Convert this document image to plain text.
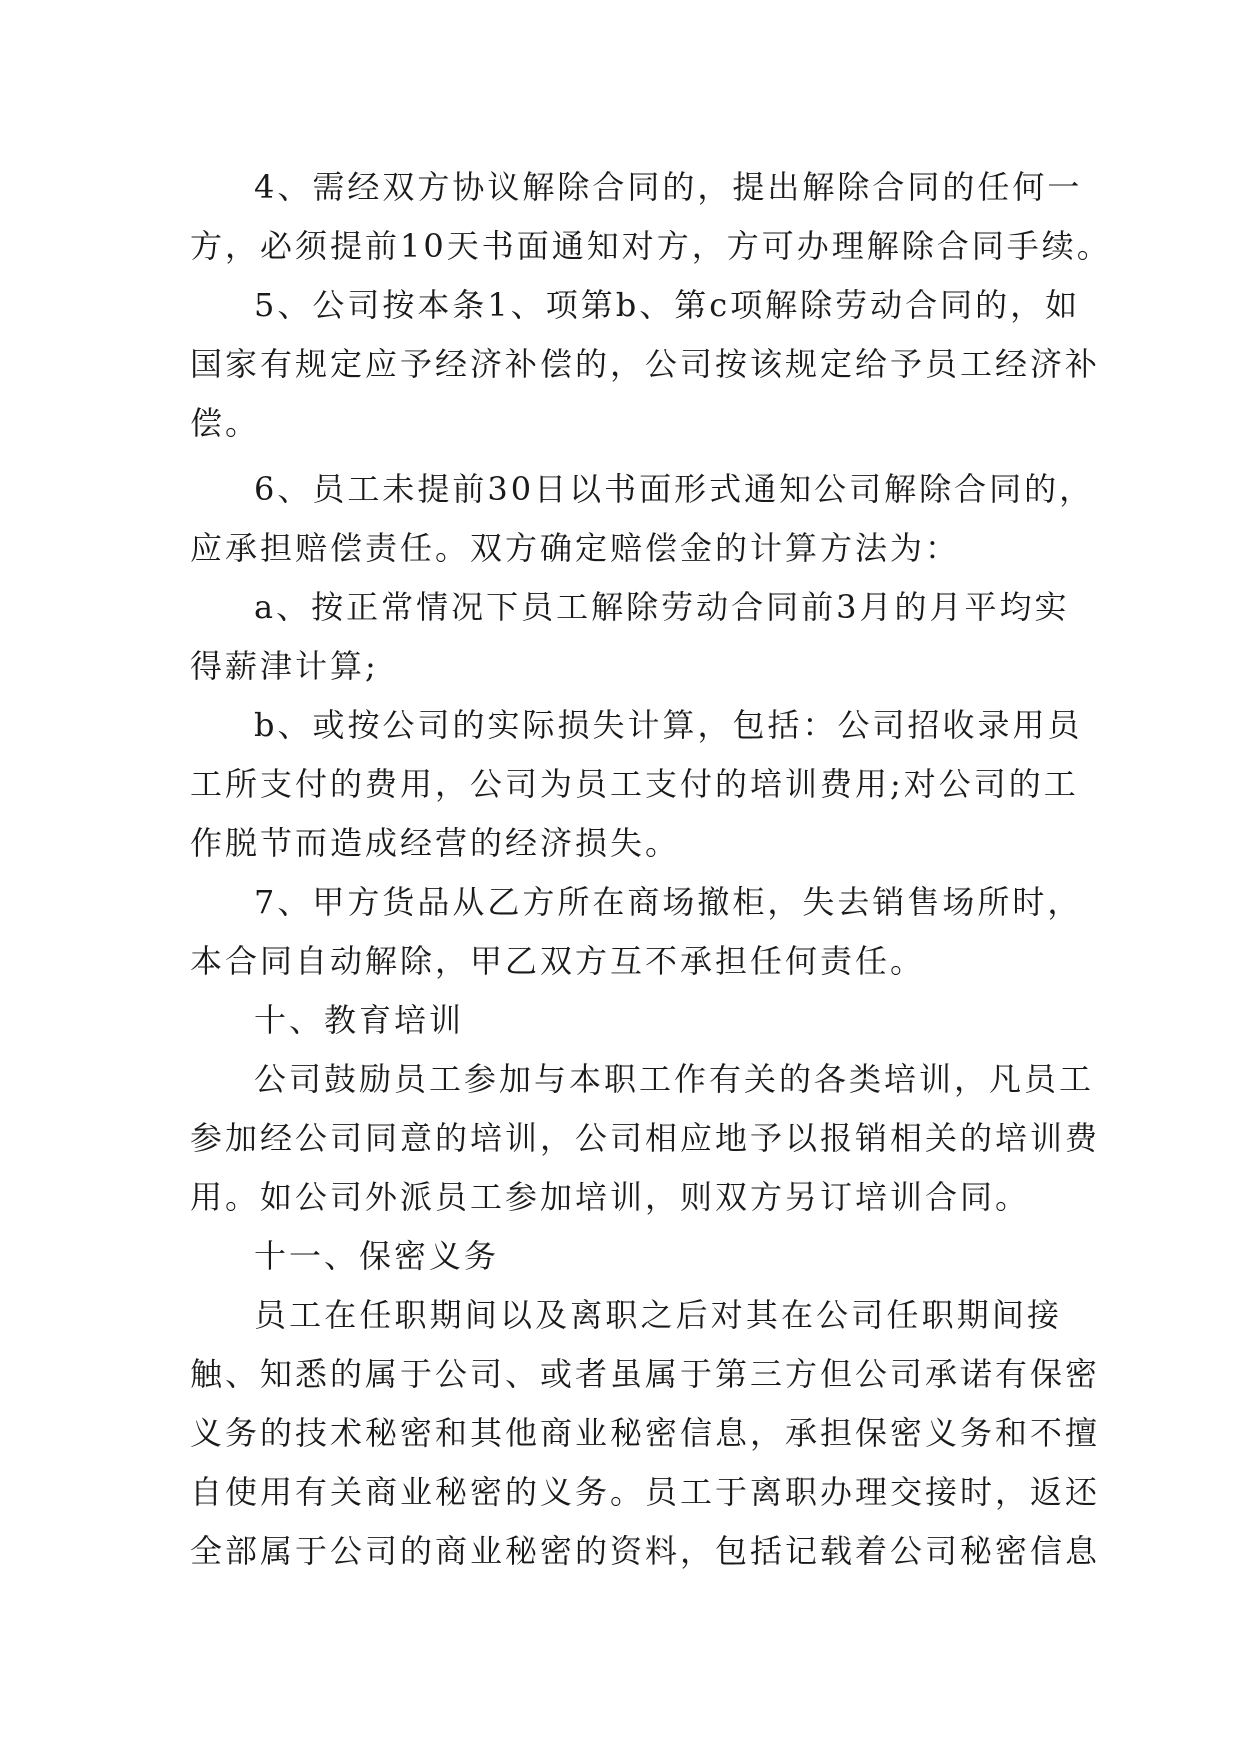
4、需经双方协议解除合同的，提出解除合同的任何一
方，必须提前10天书面通知对方，方可办理解除合同手续。
5、公司按本条1、项第b、第c项解除劳动合同的，如
国家有规定应予经济补偿的，公司按该规定给予员工经济补
偿。
6、员工未提前30日以书面形式通知公司解除合同的，
应承担赔偿责任。双方确定赔偿金的计算方法为：
a、按正常情况下员工解除劳动合同前3月的月平均实
得薪津计算;
b、或按公司的实际损失计算，包括：公司招收录用员
工所支付的费用，公司为员工支付的培训费用;对公司的工
作脱节而造成经营的经济损失。
7、甲方货品从乙方所在商场撤柜，失去销售场所时，
本合同自动解除，甲乙双方互不承担任何责任。
十、教育培训
公司鼓励员工参加与本职工作有关的各类培训，凡员工
参加经公司同意的培训，公司相应地予以报销相关的培训费
用。如公司外派员工参加培训，则双方另订培训合同。
十一、保密义务
员工在任职期间以及离职之后对其在公司任职期间接
触、知悉的属于公司、或者虽属于第三方但公司承诺有保密
义务的技术秘密和其他商业秘密信息，承担保密义务和不擅
自使用有关商业秘密的义务。员工于离职办理交接时，返还
全部属于公司的商业秘密的资料，包括记载着公司秘密信息
